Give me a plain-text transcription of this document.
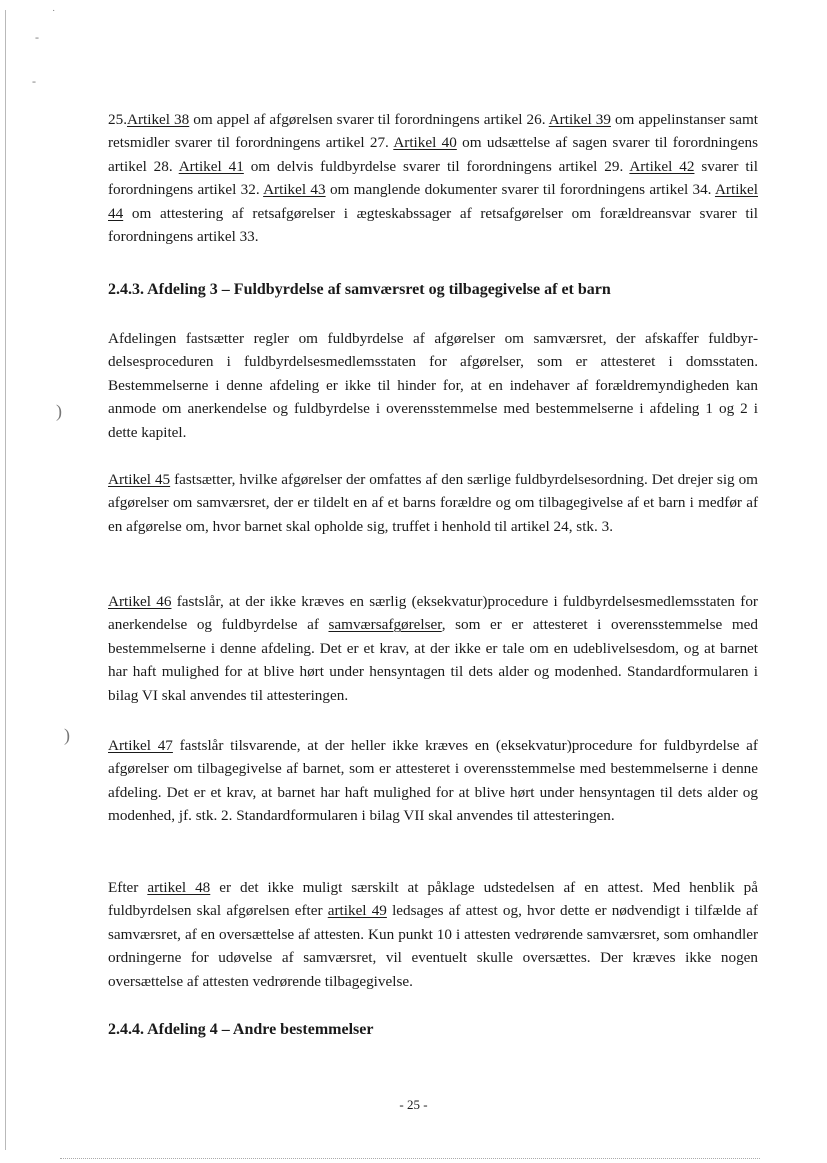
˙
-
-
)
)

25.Artikel 38 om appel af afgørelsen svarer til forordningens artikel 26. Artikel 39 om appelinstanser samt retsmidler svarer til forordningens artikel 27. Artikel 40 om udsættelse af sagen svarer til forordningens artikel 28. Artikel 41 om delvis fuldbyrdelse svarer til forordningens artikel 29. Artikel 42 svarer til forordningens artikel 32. Artikel 43 om manglende dokumenter svarer til forordningens artikel 34. Artikel 44 om attestering af retsafgørelser i ægteskabssager af retsafgørelser om forældreansvar svarer til forordningens artikel 33.

2.4.3. Afdeling 3 – Fuldbyrdelse af samværsret og tilbagegivelse af et barn

Afdelingen fastsætter regler om fuldbyrdelse af afgørelser om samværsret, der afskaffer fuldbyrdelsesproceduren i fuldbyrdelsesmedlemsstaten for afgørelser, som er attesteret i domsstaten. Bestemmelserne i denne afdeling er ikke til hinder for, at en indehaver af forældremyndigheden kan anmode om anerkendelse og fuldbyrdelse i overensstemmelse med bestemmelserne i afdeling 1 og 2 i dette kapitel.

Artikel 45 fastsætter, hvilke afgørelser der omfattes af den særlige fuldbyrdelsesordning. Det drejer sig om afgørelser om samværsret, der er tildelt en af et barns forældre og om tilbagegivelse af et barn i medfør af en afgørelse om, hvor barnet skal opholde sig, truffet i henhold til artikel 24, stk. 3.

Artikel 46 fastslår, at der ikke kræves en særlig (eksekvatur)procedure i fuldbyrdelsesmedlemsstaten for anerkendelse og fuldbyrdelse af samværsafgørelser, som er er attesteret i overensstemmelse med bestemmelserne i denne afdeling. Det er et krav, at der ikke er tale om en udeblivelsesdom, og at barnet har haft mulighed for at blive hørt under hensyntagen til dets alder og modenhed. Standardformularen i bilag VI skal anvendes til attesteringen.

Artikel 47 fastslår tilsvarende, at der heller ikke kræves en (eksekvatur)procedure for fuldbyrdelse af afgørelser om tilbagegivelse af barnet, som er attesteret i overensstemmelse med bestemmelserne i denne afdeling. Det er et krav, at barnet har haft mulighed for at blive hørt under hensyntagen til dets alder og modenhed, jf. stk. 2. Standardformularen i bilag VII skal anvendes til attesteringen.

Efter artikel 48 er det ikke muligt særskilt at påklage udstedelsen af en attest. Med henblik på fuldbyrdelsen skal afgørelsen efter artikel 49 ledsages af attest og, hvor dette er nødvendigt i tilfælde af samværsret, af en oversættelse af attesten. Kun punkt 10 i attesten vedrørende samværsret, som omhandler ordningerne for udøvelse af samværsret, vil eventuelt skulle oversættes. Der kræves ikke nogen oversættelse af attesten vedrørende tilbagegivelse.

2.4.4. Afdeling 4 – Andre bestemmelser
- 25 -
